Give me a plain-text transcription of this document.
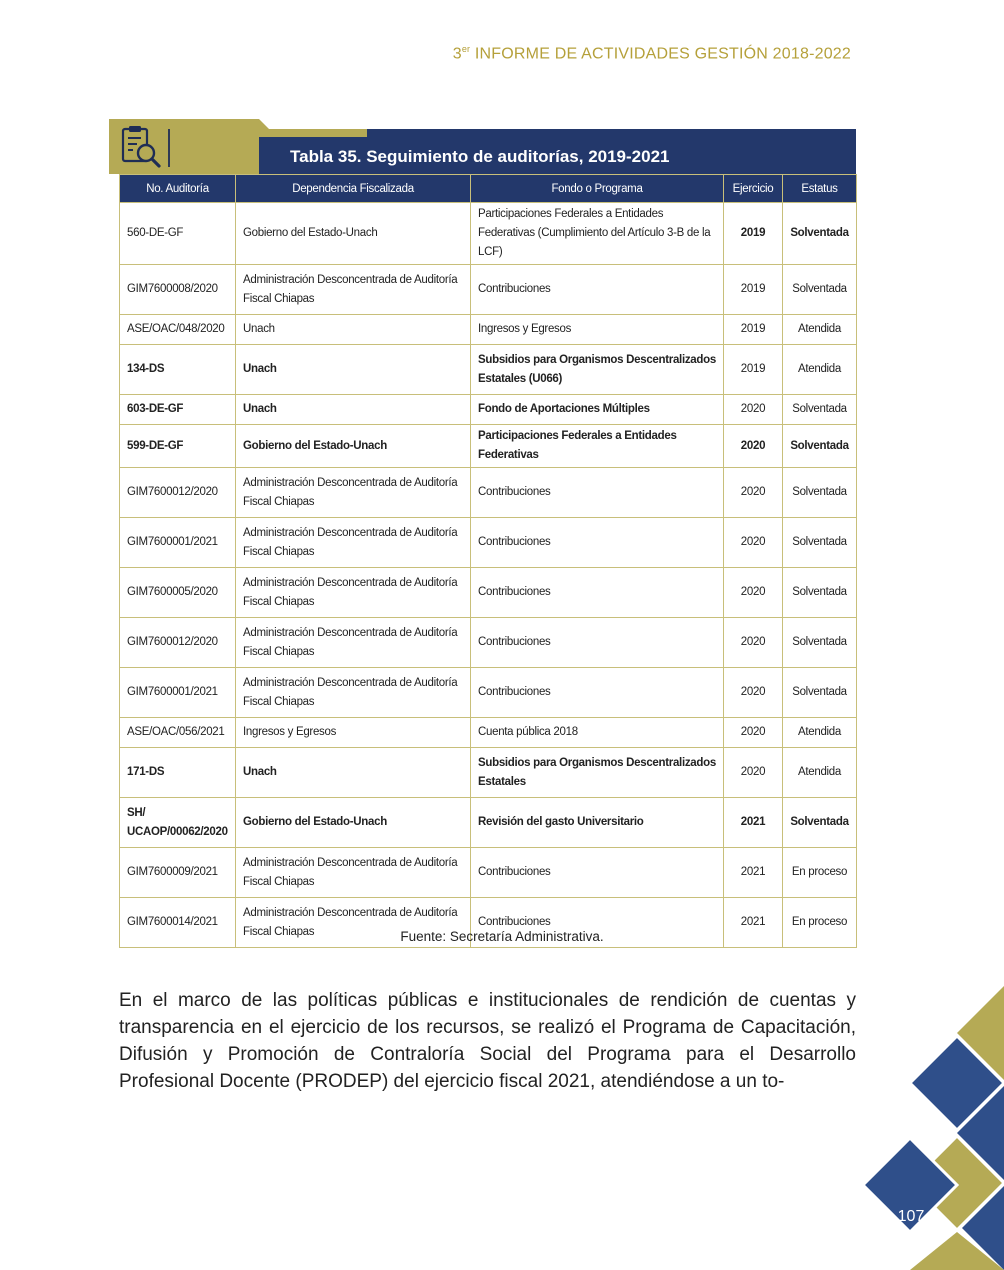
3er INFORME DE ACTIVIDADES GESTIÓN 2018-2022
Tabla 35. Seguimiento de auditorías, 2019-2021
No. Auditoría	Dependencia Fiscalizada	Fondo o Programa	Ejercicio	Estatus
560-DE-GF	Gobierno del Estado-Unach	Participaciones Federales a Entidades Federativas (Cumplimiento del Artículo 3-B de la LCF)	2019	Solventada
GIM7600008/2020	Administración Desconcentrada de Auditoría Fiscal Chiapas	Contribuciones	2019	Solventada
ASE/OAC/048/2020	Unach	Ingresos y Egresos	2019	Atendida
134-DS	Unach	Subsidios para Organismos Descentralizados Estatales (U066)	2019	Atendida
603-DE-GF	Unach	Fondo de Aportaciones Múltiples	2020	Solventada
599-DE-GF	Gobierno del Estado-Unach	Participaciones Federales a Entidades Federativas	2020	Solventada
GIM7600012/2020	Administración Desconcentrada de Auditoría Fiscal Chiapas	Contribuciones	2020	Solventada
GIM7600001/2021	Administración Desconcentrada de Auditoría Fiscal Chiapas	Contribuciones	2020	Solventada
GIM7600005/2020	Administración Desconcentrada de Auditoría Fiscal Chiapas	Contribuciones	2020	Solventada
GIM7600012/2020	Administración Desconcentrada de Auditoría Fiscal Chiapas	Contribuciones	2020	Solventada
GIM7600001/2021	Administración Desconcentrada de Auditoría Fiscal Chiapas	Contribuciones	2020	Solventada
ASE/OAC/056/2021	Ingresos y Egresos	Cuenta pública 2018	2020	Atendida
171-DS	Unach	Subsidios para Organismos Descentralizados Estatales	2020	Atendida
SH/ UCAOP/00062/2020	Gobierno del Estado-Unach	Revisión del gasto Universitario	2021	Solventada
GIM7600009/2021	Administración Desconcentrada de Auditoría Fiscal Chiapas	Contribuciones	2021	En proceso
GIM7600014/2021	Administración Desconcentrada de Auditoría Fiscal Chiapas	Contribuciones	2021	En proceso
Fuente: Secretaría Administrativa.

En el marco de las políticas públicas e institucionales de rendición de cuentas y transparencia en el ejercicio de los recursos, se realizó el Programa de Capacitación, Difusión y Promoción de Contraloría Social del Programa para el Desarrollo Profesional Docente (PRODEP) del ejercicio fiscal 2021, atendiéndose a un to-

107
